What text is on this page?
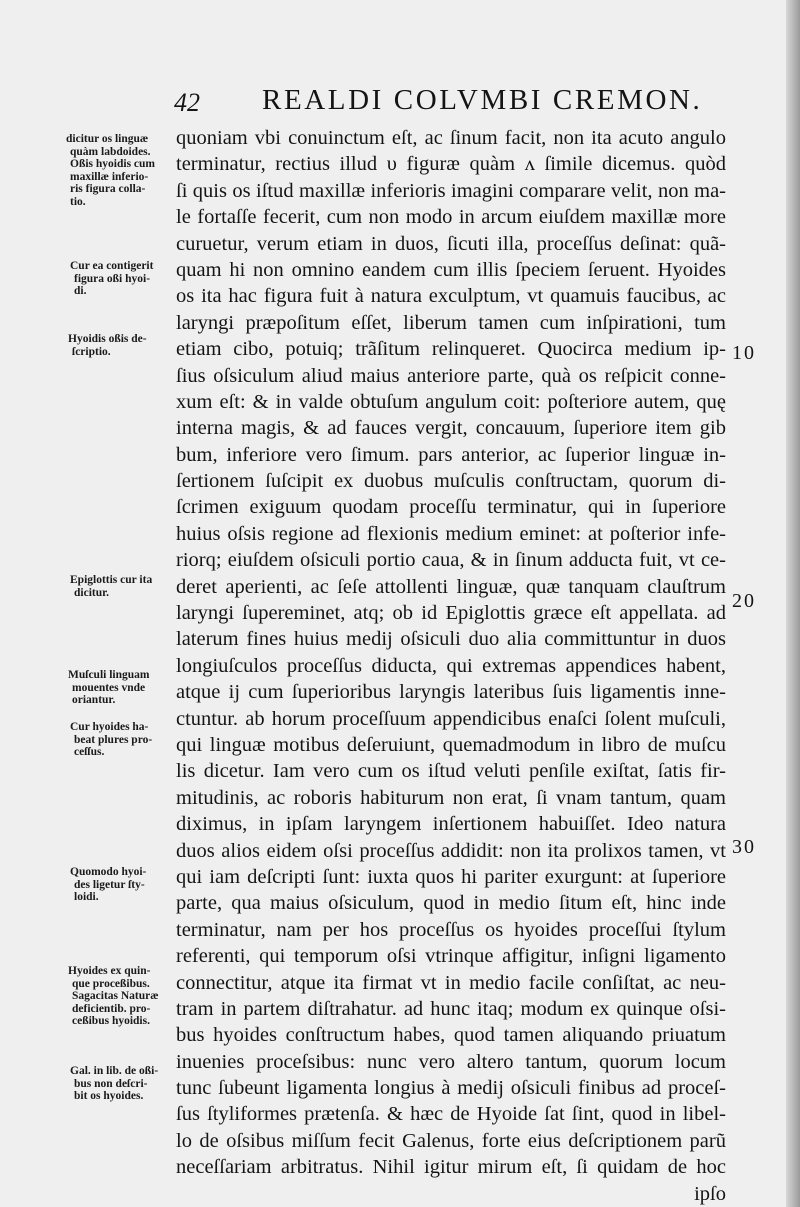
42 REALDI COLVMBI CREMON.
dicitur os linguæ
quàm labdoides.
Oßis hyoidis cum
maxillæ inferio-
ris figura colla-
tio.
Cur ea contigerit
figura oßi hyoi-
di.
Hyoidis oßis de-
ſcriptio.
Epiglottis cur ita
dicitur.
Muſculi linguam
mouentes vnde
oriantur.
Cur hyoides ha-
beat plures pro-
ceſſus.
Quomodo hyoi-
des ligetur ſty-
loidi.
Hyoides ex quin-
que proceßibus.
Sagacitas Naturæ
deficientib. pro-
ceßibus hyoidis.
Gal. in lib. de oßi-
bus non deſcri-
bit os hyoides.
quoniam vbi conuinctum eſt, ac ſinum facit, non ita acuto angulo
terminatur, rectius illud υ figuræ quàm ʌ ſimile dicemus. quòd
ſi quis os iſtud maxillæ inferioris imagini comparare velit, non ma-
le fortaſſe fecerit, cum non modo in arcum eiuſdem maxillæ more
curuetur, verum etiam in duos, ſicuti illa, proceſſus deſinat: quã-
quam hi non omnino eandem cum illis ſpeciem ſeruent. Hyoides
os ita hac figura fuit à natura exculptum, vt quamuis faucibus, ac
laryngi præpoſitum eſſet, liberum tamen cum inſpirationi, tum
etiam cibo, potuiq; trãſitum relinqueret. Quocirca medium ip-
ſius oſsiculum aliud maius anteriore parte, quà os reſpicit conne-
xum eſt: & in valde obtuſum angulum coit: poſteriore autem, quę
interna magis, & ad fauces vergit, concauum, ſuperiore item gib
bum, inferiore vero ſimum. pars anterior, ac ſuperior linguæ in-
ſertionem ſuſcipit ex duobus muſculis conſtructam, quorum di-
ſcrimen exiguum quodam proceſſu terminatur, qui in ſuperiore
huius oſsis regione ad flexionis medium eminet: at poſterior infe-
riorq; eiuſdem oſsiculi portio caua, & in ſinum adducta fuit, vt ce-
deret aperienti, ac ſeſe attollenti linguæ, quæ tanquam clauſtrum
laryngi ſupereminet, atq; ob id Epiglottis græce eſt appellata. ad
laterum fines huius medij oſsiculi duo alia committuntur in duos
longiuſculos proceſſus diducta, qui extremas appendices habent,
atque ij cum ſuperioribus laryngis lateribus ſuis ligamentis inne-
ctuntur. ab horum proceſſuum appendicibus enaſci ſolent muſculi,
qui linguæ motibus deſeruiunt, quemadmodum in libro de muſcu
lis dicetur. Iam vero cum os iſtud veluti penſile exiſtat, ſatis fir-
mitudinis, ac roboris habiturum non erat, ſi vnam tantum, quam
diximus, in ipſam laryngem inſertionem habuiſſet. Ideo natura
duos alios eidem oſsi proceſſus addidit: non ita prolixos tamen, vt
qui iam deſcripti ſunt: iuxta quos hi pariter exurgunt: at ſuperiore
parte, qua maius oſsiculum, quod in medio ſitum eſt, hinc inde
terminatur, nam per hos proceſſus os hyoides proceſſui ſtylum
referenti, qui temporum oſsi vtrinque affigitur, inſigni ligamento
connectitur, atque ita firmat vt in medio facile conſiſtat, ac neu-
tram in partem diſtrahatur. ad hunc itaq; modum ex quinque oſsi-
bus hyoides conſtructum habes, quod tamen aliquando priuatum
inuenies proceſsibus: nunc vero altero tantum, quorum locum
tunc ſubeunt ligamenta longius à medij oſsiculi finibus ad proceſ-
ſus ſtyliformes prætenſa. & hæc de Hyoide ſat ſint, quod in libel-
lo de oſsibus miſſum fecit Galenus, forte eius deſcriptionem parũ
neceſſariam arbitratus. Nihil igitur mirum eſt, ſi quidam de hoc
ipſo
10
20
30
